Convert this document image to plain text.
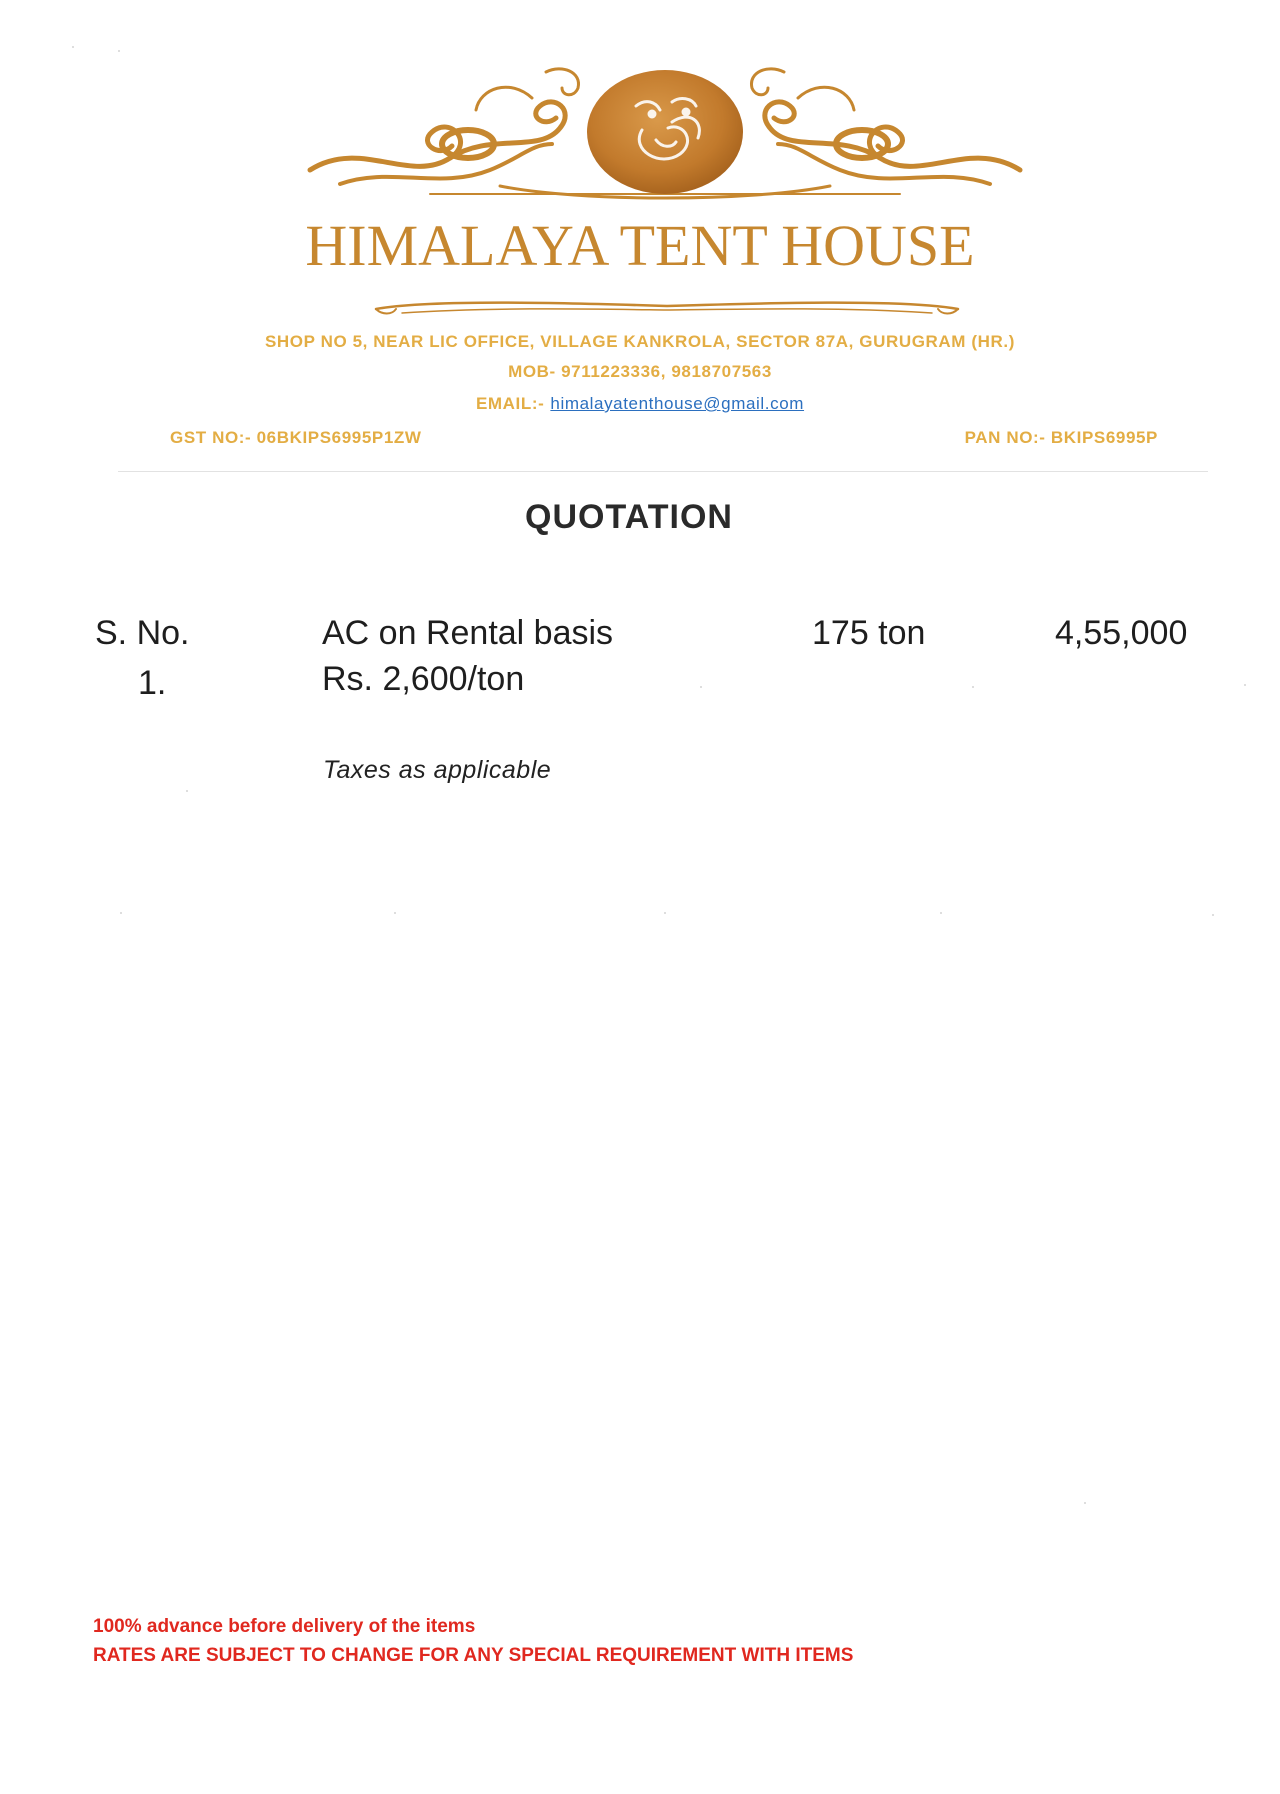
HIMALAYA TENT HOUSE
SHOP NO 5, NEAR LIC OFFICE, VILLAGE KANKROLA, SECTOR 87A, GURUGRAM (HR.)
MOB- 9711223336, 9818707563
EMAIL:- himalayatenthouse@gmail.com
GST NO:- 06BKIPS6995P1ZW	PAN NO:- BKIPS6995P
QUOTATION
S. No.
1.
AC on Rental basis
Rs. 2,600/ton
175 ton	4,55,000
Taxes as applicable
100% advance before delivery of the items
RATES ARE SUBJECT TO CHANGE FOR ANY SPECIAL REQUIREMENT WITH ITEMS
